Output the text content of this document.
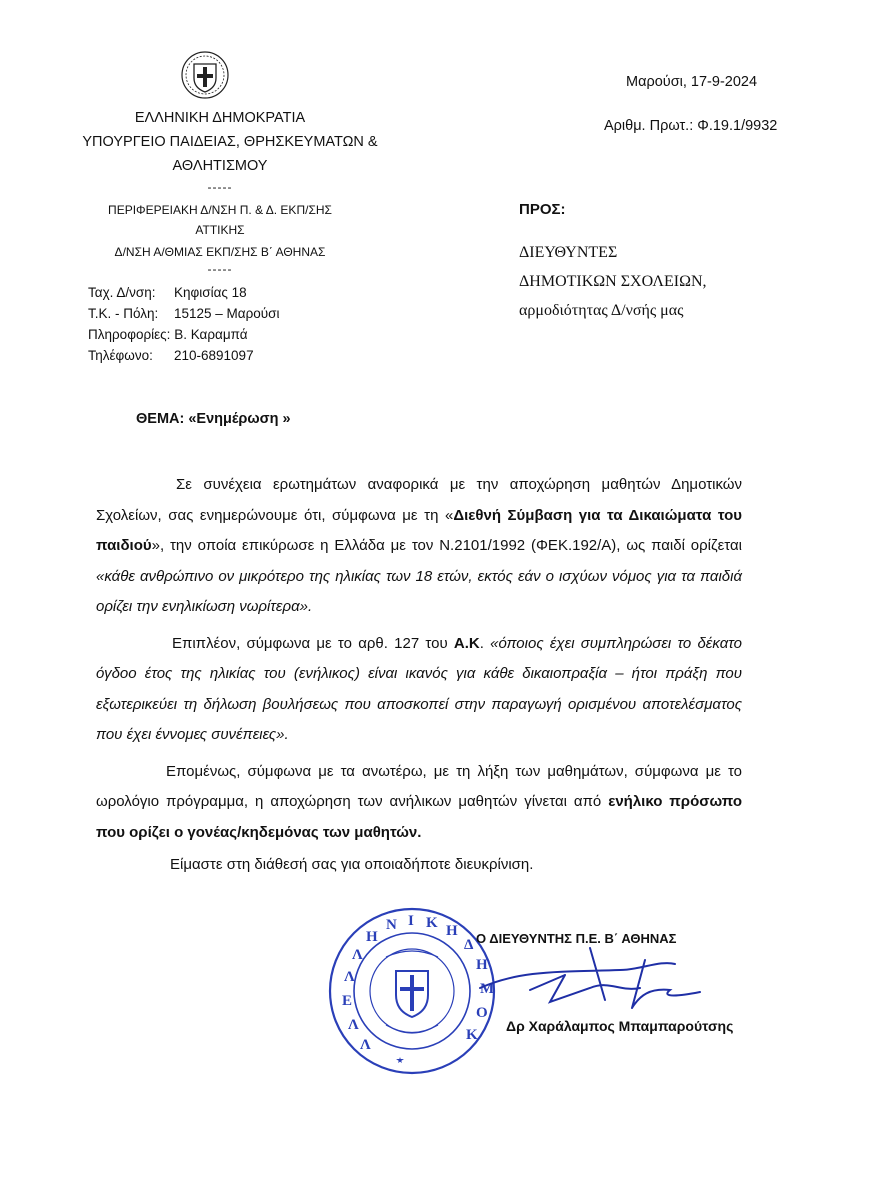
ΕΛΛΗΝΙΚΗ ΔΗΜΟΚΡΑΤΙΑ
ΥΠΟΥΡΓΕΙΟ ΠΑΙΔΕΙΑΣ, ΘΡΗΣΚΕΥΜΑΤΩΝ &
ΑΘΛΗΤΙΣΜΟΥ
-----
ΠΕΡΙΦΕΡΕΙΑΚΗ Δ/ΝΣΗ Π. & Δ. ΕΚΠ/ΣΗΣ
ΑΤΤΙΚΗΣ
Δ/ΝΣΗ Α/ΘΜΙΑΣ ΕΚΠ/ΣΗΣ Β΄ ΑΘΗΝΑΣ
-----
Ταχ. Δ/νση: Κηφισίας 18
Τ.Κ. - Πόλη: 15125 – Μαρούσι
Πληροφορίες: Β. Καραμπά
Τηλέφωνο: 210-6891097
Μαρούσι, 17-9-2024
Αριθμ. Πρωτ.: Φ.19.1/9932
ΠΡΟΣ:
ΔΙΕΥΘΥΝΤΕΣ
ΔΗΜΟΤΙΚΩΝ ΣΧΟΛΕΙΩΝ,
αρμοδιότητας Δ/νσής μας
ΘΕΜΑ: «Ενημέρωση »

Σε συνέχεια ερωτημάτων αναφορικά με την αποχώρηση μαθητών Δημοτικών Σχολείων, σας ενημερώνουμε ότι, σύμφωνα με τη «Διεθνή Σύμβαση για τα Δικαιώματα του παιδιού», την οποία επικύρωσε η Ελλάδα με τον Ν.2101/1992 (ΦΕΚ.192/Α), ως παιδί ορίζεται «κάθε ανθρώπινο ον μικρότερο της ηλικίας των 18 ετών, εκτός εάν ο ισχύων νόμος για τα παιδιά ορίζει την ενηλικίωση νωρίτερα».

Επιπλέον, σύμφωνα με το αρθ. 127 του Α.Κ. «όποιος έχει συμπληρώσει το δέκατο όγδοο έτος της ηλικίας του (ενήλικος) είναι ικανός για κάθε δικαιοπραξία – ήτοι πράξη που εξωτερικεύει τη δήλωση βουλήσεως που αποσκοπεί στην παραγωγή ορισμένου αποτελέσματος που έχει έννομες συνέπειες».

Επομένως, σύμφωνα με τα ανωτέρω, με τη λήξη των μαθημάτων, σύμφωνα με το ωρολόγιο πρόγραμμα, η αποχώρηση των ανήλικων μαθητών γίνεται από ενήλικο πρόσωπο που ορίζει ο γονέας/κηδεμόνας των μαθητών.

Είμαστε στη διάθεσή σας για οποιαδήποτε διευκρίνιση.

Ε
Λ
Λ
Η
Ν Ι Κ Η
Δ
Η
Μ
Ο
Κ
Λ
Λ
Ο ΔΙΕΥΘΥΝΤΗΣ Π.Ε. Β΄ ΑΘΗΝΑΣ
Δρ Χαράλαμπος Μπαμπαρούτσης
